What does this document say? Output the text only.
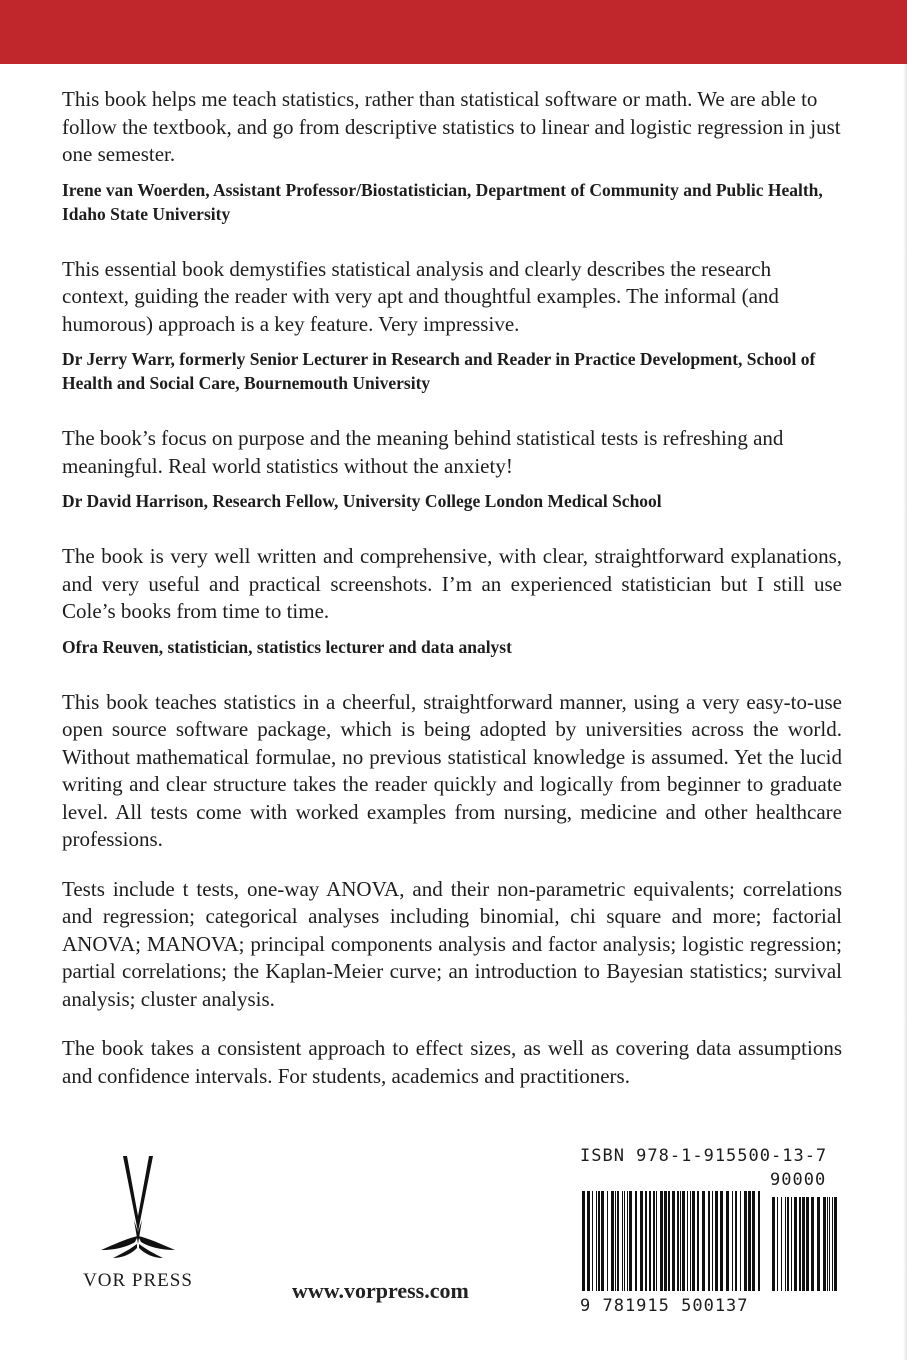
This book helps me teach statistics, rather than statistical software or math. We are able to follow the textbook, and go from descriptive statistics to linear and logistic regression in just one semester.

Irene van Woerden, Assistant Professor/Biostatistician, Department of Community and Public Health, Idaho State University

This essential book demystifies statistical analysis and clearly describes the research context, guiding the reader with very apt and thoughtful examples. The informal (and humorous) approach is a key feature. Very impressive.

Dr Jerry Warr, formerly Senior Lecturer in Research and Reader in Practice Development, School of Health and Social Care, Bournemouth University

The book’s focus on purpose and the meaning behind statistical tests is refreshing and meaningful. Real world statistics without the anxiety!

Dr David Harrison, Research Fellow, University College London Medical School

The book is very well written and comprehensive, with clear, straightforward explanations, and very useful and practical screenshots. I’m an experienced statistician but I still use Cole’s books from time to time.

Ofra Reuven, statistician, statistics lecturer and data analyst

This book teaches statistics in a cheerful, straightforward manner, using a very easy-to-use open source software package, which is being adopted by universities across the world. Without mathematical formulae, no previous statistical knowledge is assumed. Yet the lucid writing and clear structure takes the reader quickly and logically from beginner to graduate level. All tests come with worked examples from nursing, medicine and other healthcare professions.

Tests include t tests, one-way ANOVA, and their non-parametric equivalents; correlations and regression; categorical analyses including binomial, chi square and more; factorial ANOVA; MANOVA; principal components analysis and factor analysis; logistic regression; partial correlations; the Kaplan-Meier curve; an introduction to Bayesian statistics; survival analysis; cluster analysis.

The book takes a consistent approach to effect sizes, as well as covering data assumptions and confidence intervals. For students, academics and practitioners.

VOR PRESS	www.vorpress.com
ISBN 978-1-915500-13-7
90000
9 781915 500137
